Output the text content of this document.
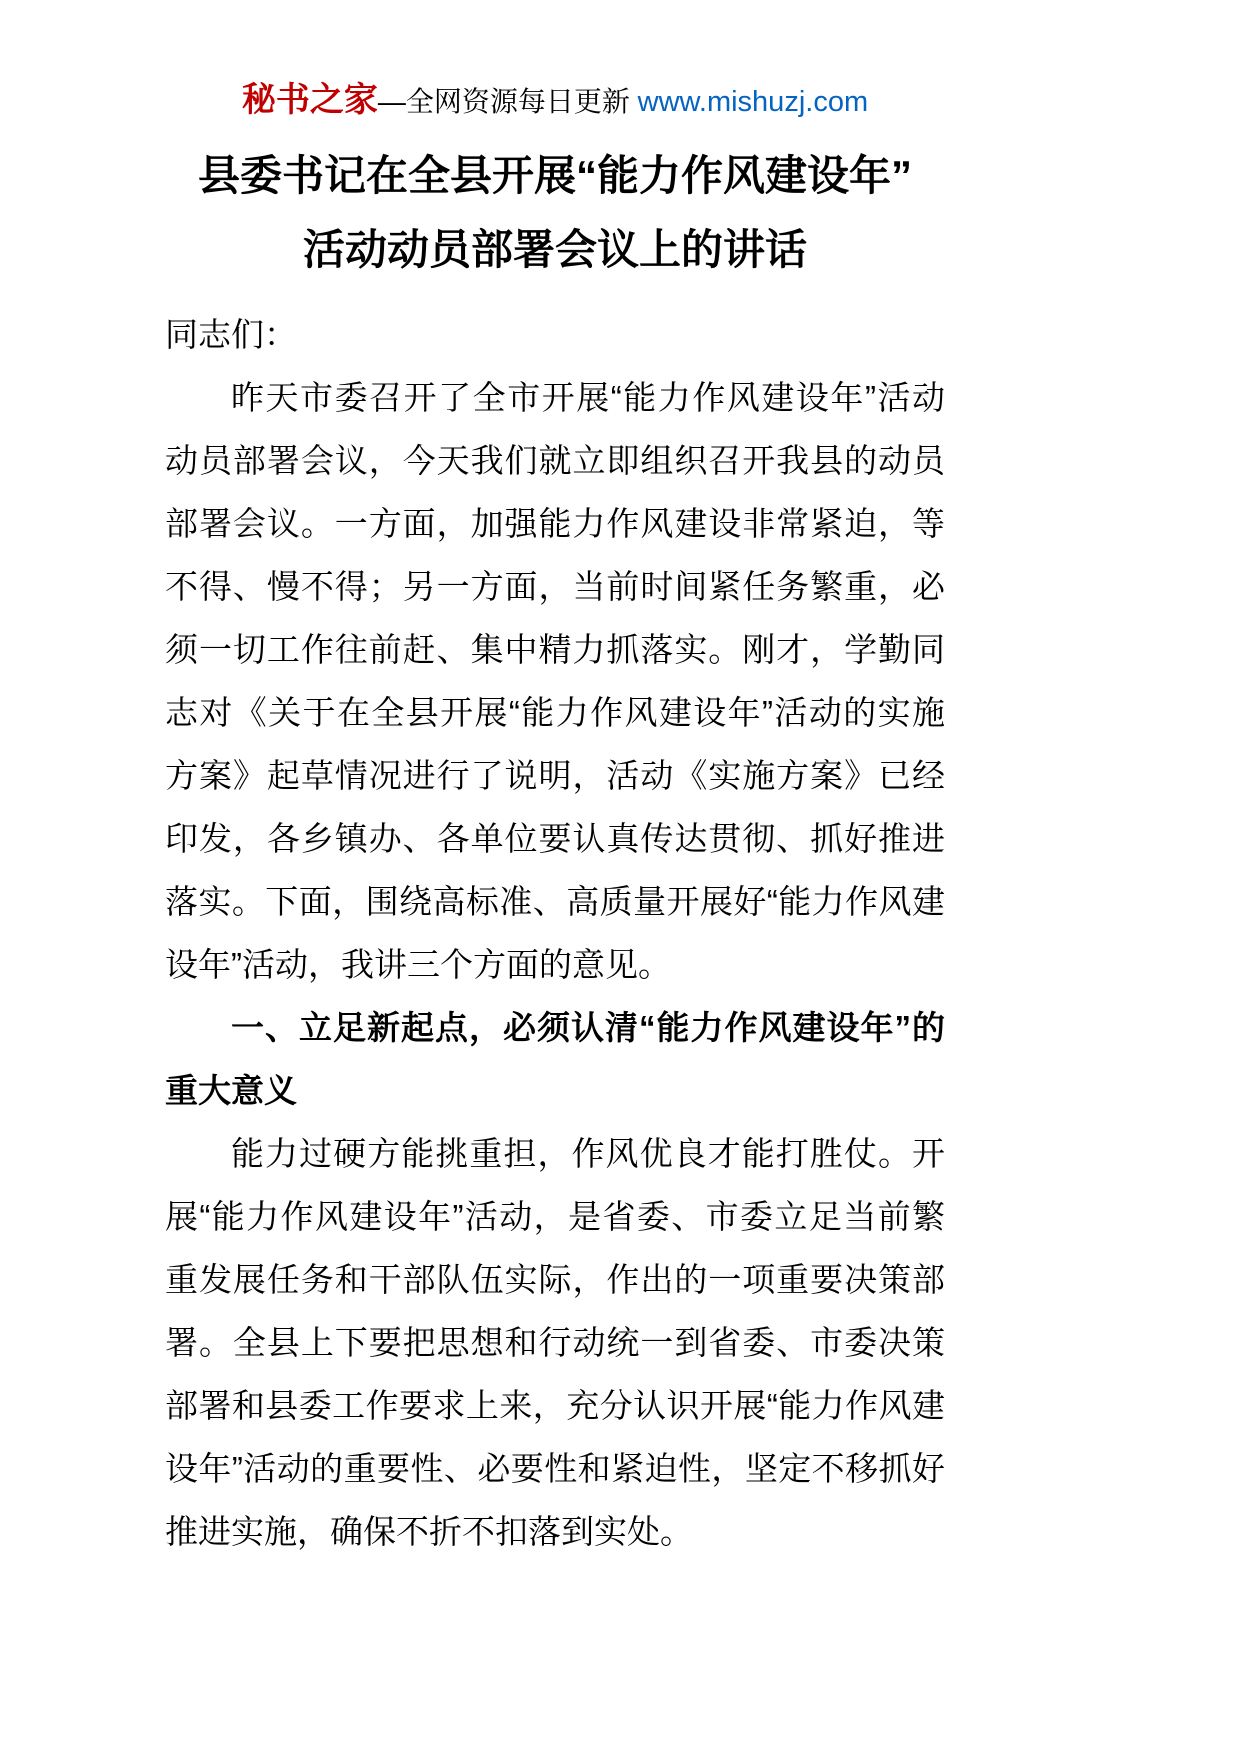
秘书之家—全网资源每日更新 www.mishuzj.com
县委书记在全县开展“能力作风建设年”
活动动员部署会议上的讲话

同志们：

昨天市委召开了全市开展“能力作风建设年”活动动员部署会议，今天我们就立即组织召开我县的动员部署会议。一方面，加强能力作风建设非常紧迫，等不得、慢不得；另一方面，当前时间紧任务繁重，必须一切工作往前赶、集中精力抓落实。刚才，学勤同志对《关于在全县开展“能力作风建设年”活动的实施方案》起草情况进行了说明，活动《实施方案》已经印发，各乡镇办、各单位要认真传达贯彻、抓好推进落实。下面，围绕高标准、高质量开展好“能力作风建设年”活动，我讲三个方面的意见。

一、立足新起点，必须认清“能力作风建设年”的重大意义

能力过硬方能挑重担，作风优良才能打胜仗。开展“能力作风建设年”活动，是省委、市委立足当前繁重发展任务和干部队伍实际，作出的一项重要决策部署。全县上下要把思想和行动统一到省委、市委决策部署和县委工作要求上来，充分认识开展“能力作风建设年”活动的重要性、必要性和紧迫性，坚定不移抓好推进实施，确保不折不扣落到实处。
